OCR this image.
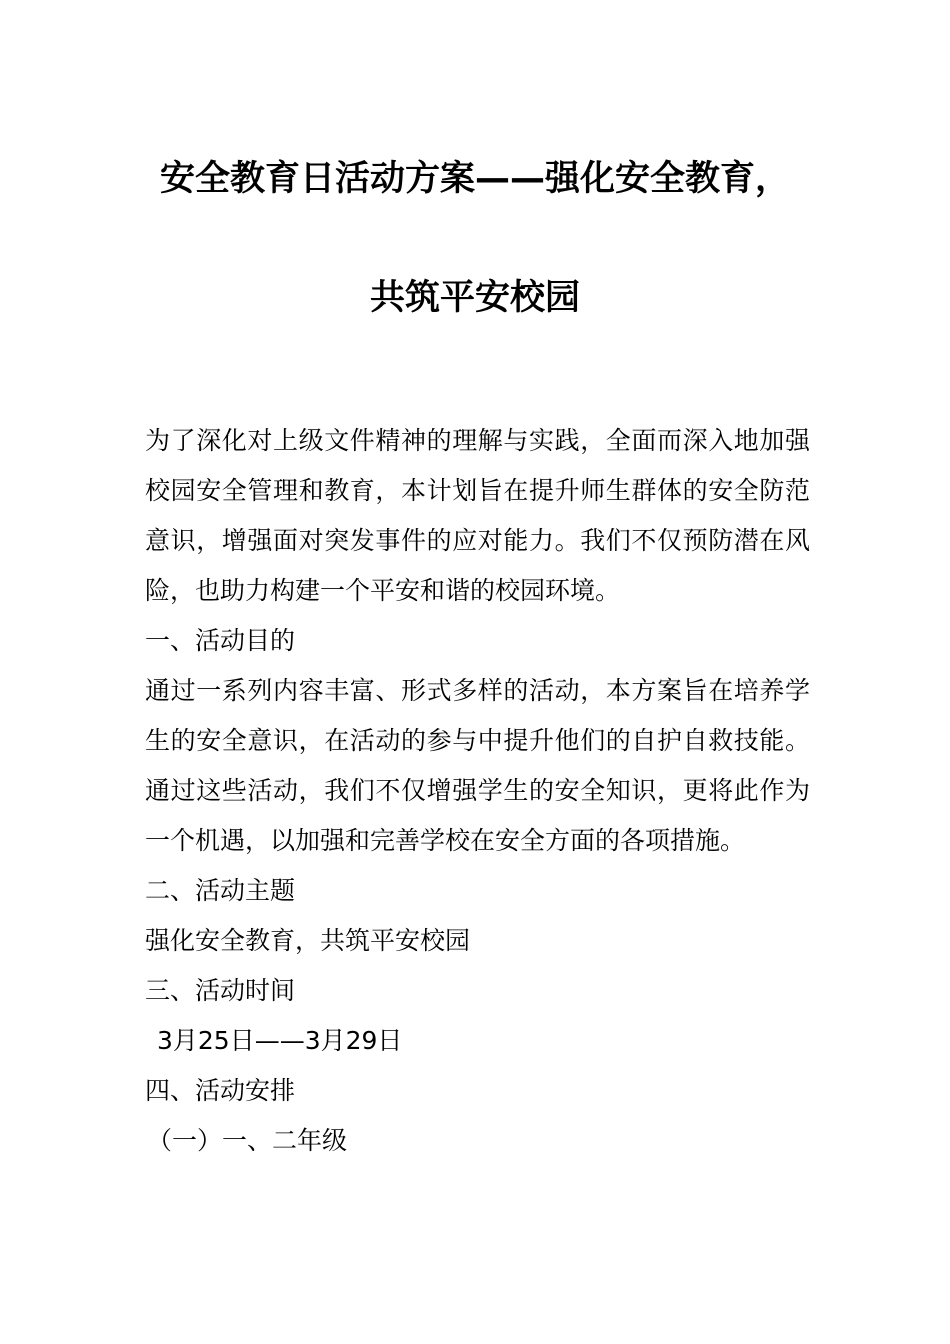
安全教育日活动方案——强化安全教育，
共筑平安校园

为了深化对上级文件精神的理解与实践，全面而深入地加强校园安全管理和教育，本计划旨在提升师生群体的安全防范意识，增强面对突发事件的应对能力。我们不仅预防潜在风险，也助力构建一个平安和谐的校园环境。

一、活动目的

通过一系列内容丰富、形式多样的活动，本方案旨在培养学生的安全意识，在活动的参与中提升他们的自护自救技能。通过这些活动，我们不仅增强学生的安全知识，更将此作为一个机遇，以加强和完善学校在安全方面的各项措施。

二、活动主题

强化安全教育，共筑平安校园

三、活动时间

3月25日——3月29日

四、活动安排

（一）一、二年级
